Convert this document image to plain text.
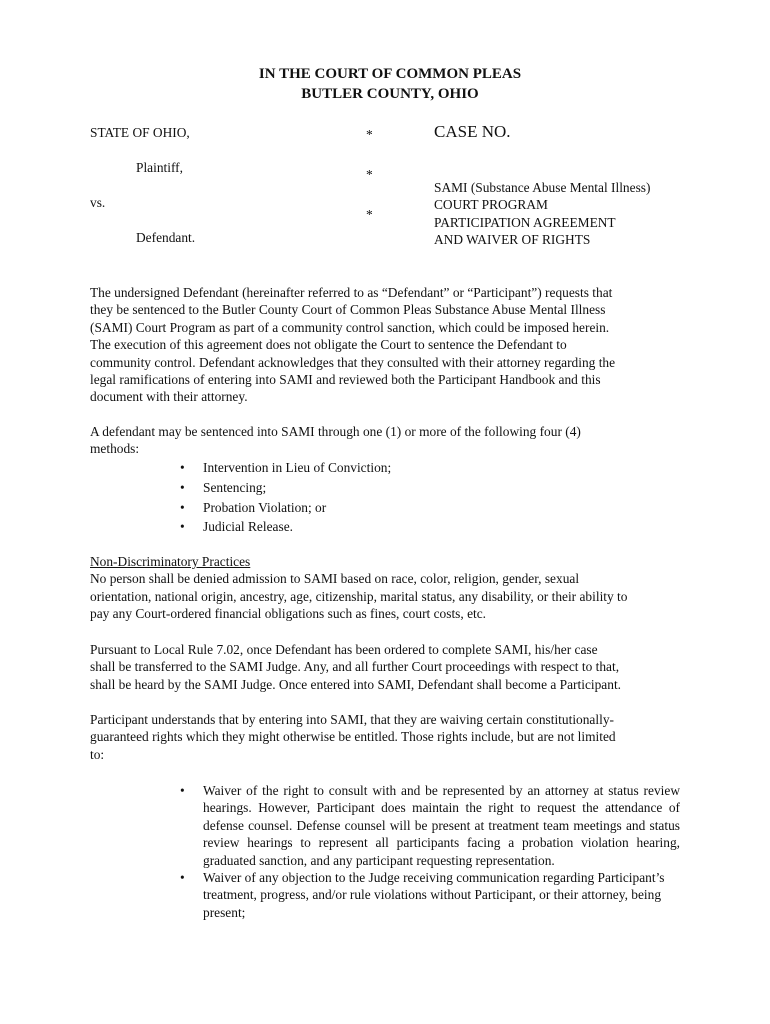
IN THE COURT OF COMMON PLEAS
BUTLER COUNTY, OHIO
STATE OF OHIO,
Plaintiff,
vs.
Defendant.
*
*
*
CASE NO.
SAMI (Substance Abuse Mental Illness)
COURT PROGRAM
PARTICIPATION AGREEMENT
AND WAIVER OF RIGHTS
The undersigned Defendant (hereinafter referred to as “Defendant” or “Participant”) requests that
they be sentenced to the Butler County Court of Common Pleas Substance Abuse Mental Illness
(SAMI) Court Program as part of a community control sanction, which could be imposed herein.
The execution of this agreement does not obligate the Court to sentence the Defendant to
community control. Defendant acknowledges that they consulted with their attorney regarding the
legal ramifications of entering into SAMI and reviewed both the Participant Handbook and this
document with their attorney.
A defendant may be sentenced into SAMI through one (1) or more of the following four (4)
methods:
• Intervention in Lieu of Conviction;
• Sentencing;
• Probation Violation; or
• Judicial Release.
Non-Discriminatory Practices
No person shall be denied admission to SAMI based on race, color, religion, gender, sexual
orientation, national origin, ancestry, age, citizenship, marital status, any disability, or their ability to
pay any Court-ordered financial obligations such as fines, court costs, etc.
Pursuant to Local Rule 7.02, once Defendant has been ordered to complete SAMI, his/her case
shall be transferred to the SAMI Judge. Any, and all further Court proceedings with respect to that,
shall be heard by the SAMI Judge. Once entered into SAMI, Defendant shall become a Participant.
Participant understands that by entering into SAMI, that they are waiving certain constitutionally-
guaranteed rights which they might otherwise be entitled. Those rights include, but are not limited
to:
• Waiver of the right to consult with and be represented by an attorney at status review hearings. However, Participant does maintain the right to request the attendance of defense counsel. Defense counsel will be present at treatment team meetings and status review hearings to represent all participants facing a probation violation hearing, graduated sanction, and any participant requesting representation.
• Waiver of any objection to the Judge receiving communication regarding Participant’s treatment, progress, and/or rule violations without Participant, or their attorney, being present;
